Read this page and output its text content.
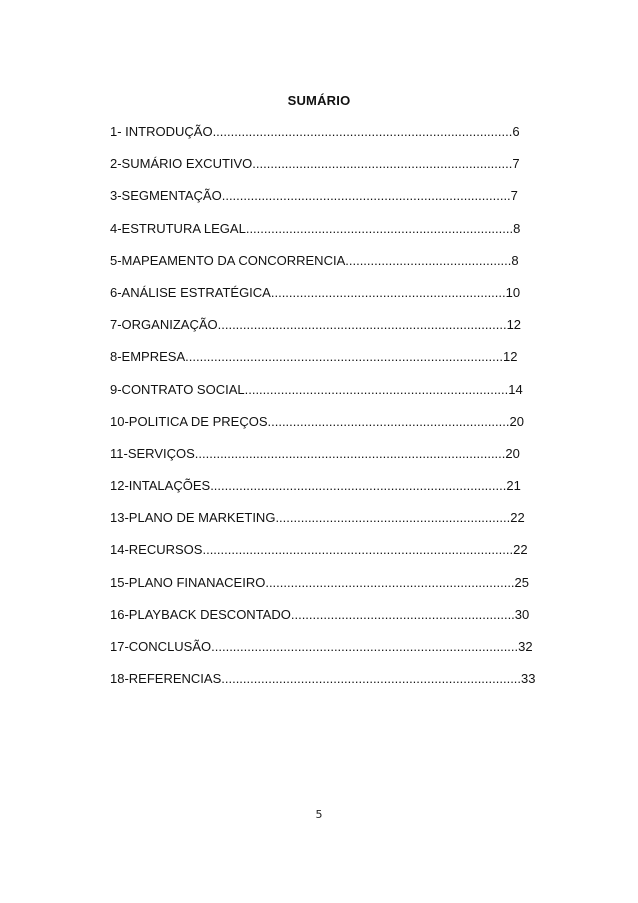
SUMÁRIO
1- INTRODUÇÃO...................................................................................6
2-SUMÁRIO EXCUTIVO........................................................................7
3-SEGMENTAÇÃO................................................................................7
4-ESTRUTURA LEGAL..........................................................................8
5-MAPEAMENTO DA CONCORRENCIA..............................................8
6-ANÁLISE ESTRATÉGICA.................................................................10
7-ORGANIZAÇÃO................................................................................12
8-EMPRESA........................................................................................12
9-CONTRATO SOCIAL.........................................................................14
10-POLITICA DE PREÇOS...................................................................20
11-SERVIÇOS......................................................................................20
12-INTALAÇÕES..................................................................................21
13-PLANO DE MARKETING.................................................................22
14-RECURSOS......................................................................................22
15-PLANO FINANACEIRO.....................................................................25
16-PLAYBACK DESCONTADO..............................................................30
17-CONCLUSÃO.....................................................................................32
18-REFERENCIAS...................................................................................33
5
